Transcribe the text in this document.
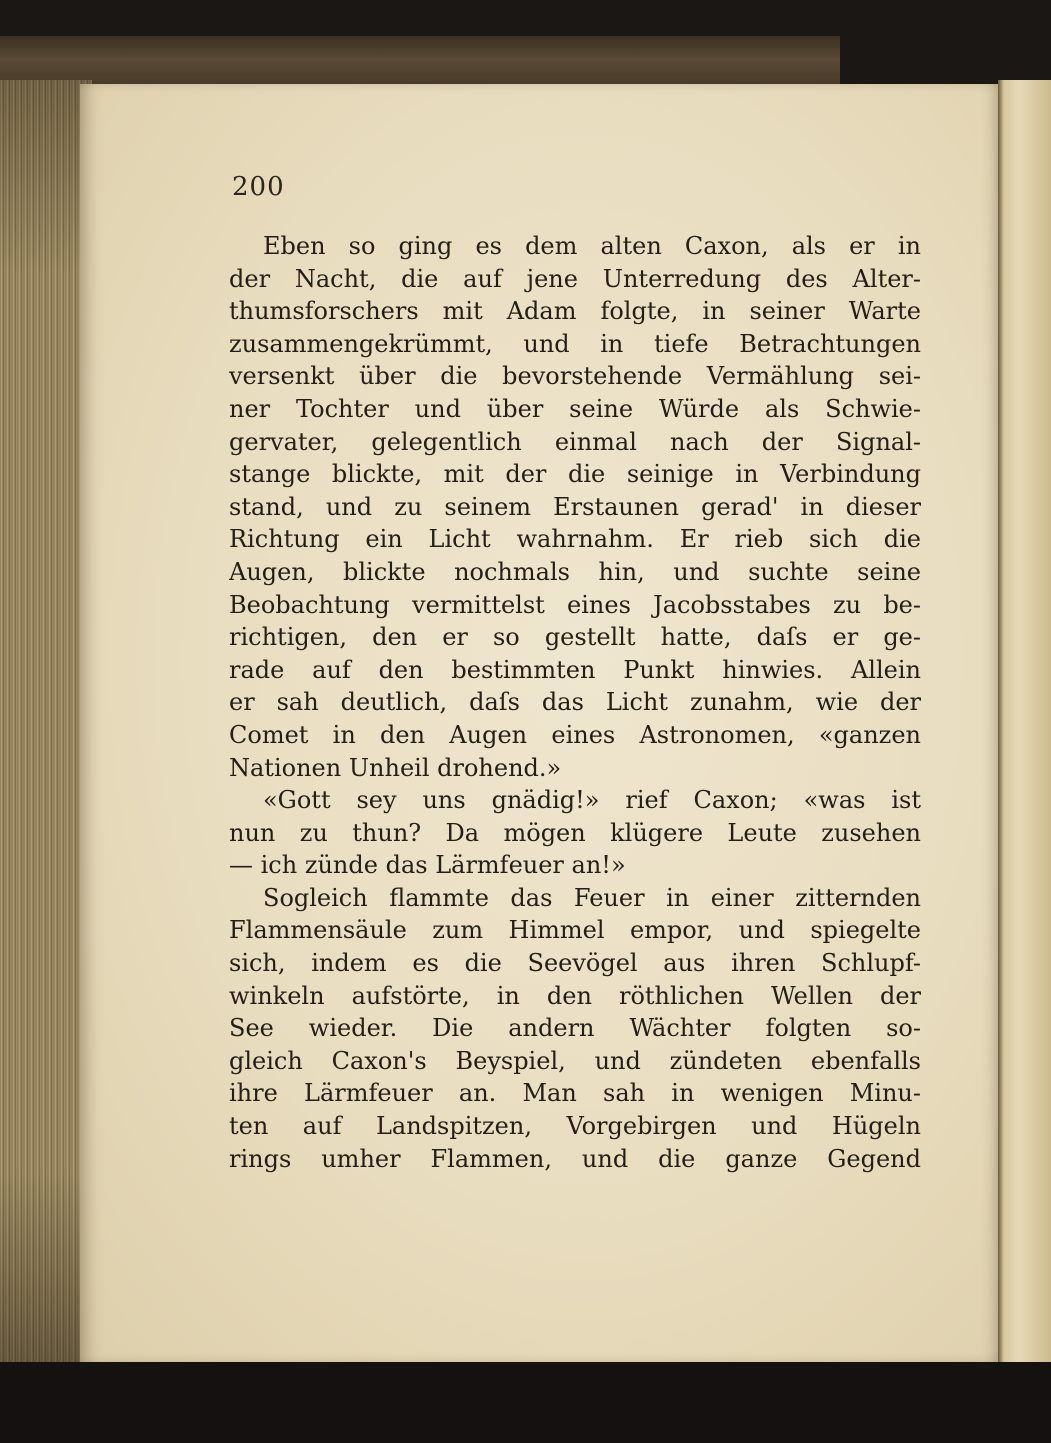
200
Eben so ging es dem alten Caxon, als er in
der Nacht, die auf jene Unterredung des Alter-
thumsforschers mit Adam folgte, in seiner Warte
zusammengekrümmt, und in tiefe Betrachtungen
versenkt über die bevorstehende Vermählung sei-
ner Tochter und über seine Würde als Schwie-
gervater, gelegentlich einmal nach der Signal-
stange blickte, mit der die seinige in Verbindung
stand, und zu seinem Erstaunen gerad' in dieser
Richtung ein Licht wahrnahm. Er rieb sich die
Augen, blickte nochmals hin, und suchte seine
Beobachtung vermittelst eines Jacobsstabes zu be-
richtigen, den er so gestellt hatte, daſs er ge-
rade auf den bestimmten Punkt hinwies. Allein
er sah deutlich, daſs das Licht zunahm, wie der
Comet in den Augen eines Astronomen, «ganzen
Nationen Unheil drohend.»
«Gott sey uns gnädig!» rief Caxon; «was ist
nun zu thun? Da mögen klügere Leute zusehen
— ich zünde das Lärmfeuer an!»
Sogleich flammte das Feuer in einer zitternden
Flammensäule zum Himmel empor, und spiegelte
sich, indem es die Seevögel aus ihren Schlupf-
winkeln aufstörte, in den röthlichen Wellen der
See wieder. Die andern Wächter folgten so-
gleich Caxon's Beyspiel, und zündeten ebenfalls
ihre Lärmfeuer an. Man sah in wenigen Minu-
ten auf Landspitzen, Vorgebirgen und Hügeln
rings umher Flammen, und die ganze Gegend
